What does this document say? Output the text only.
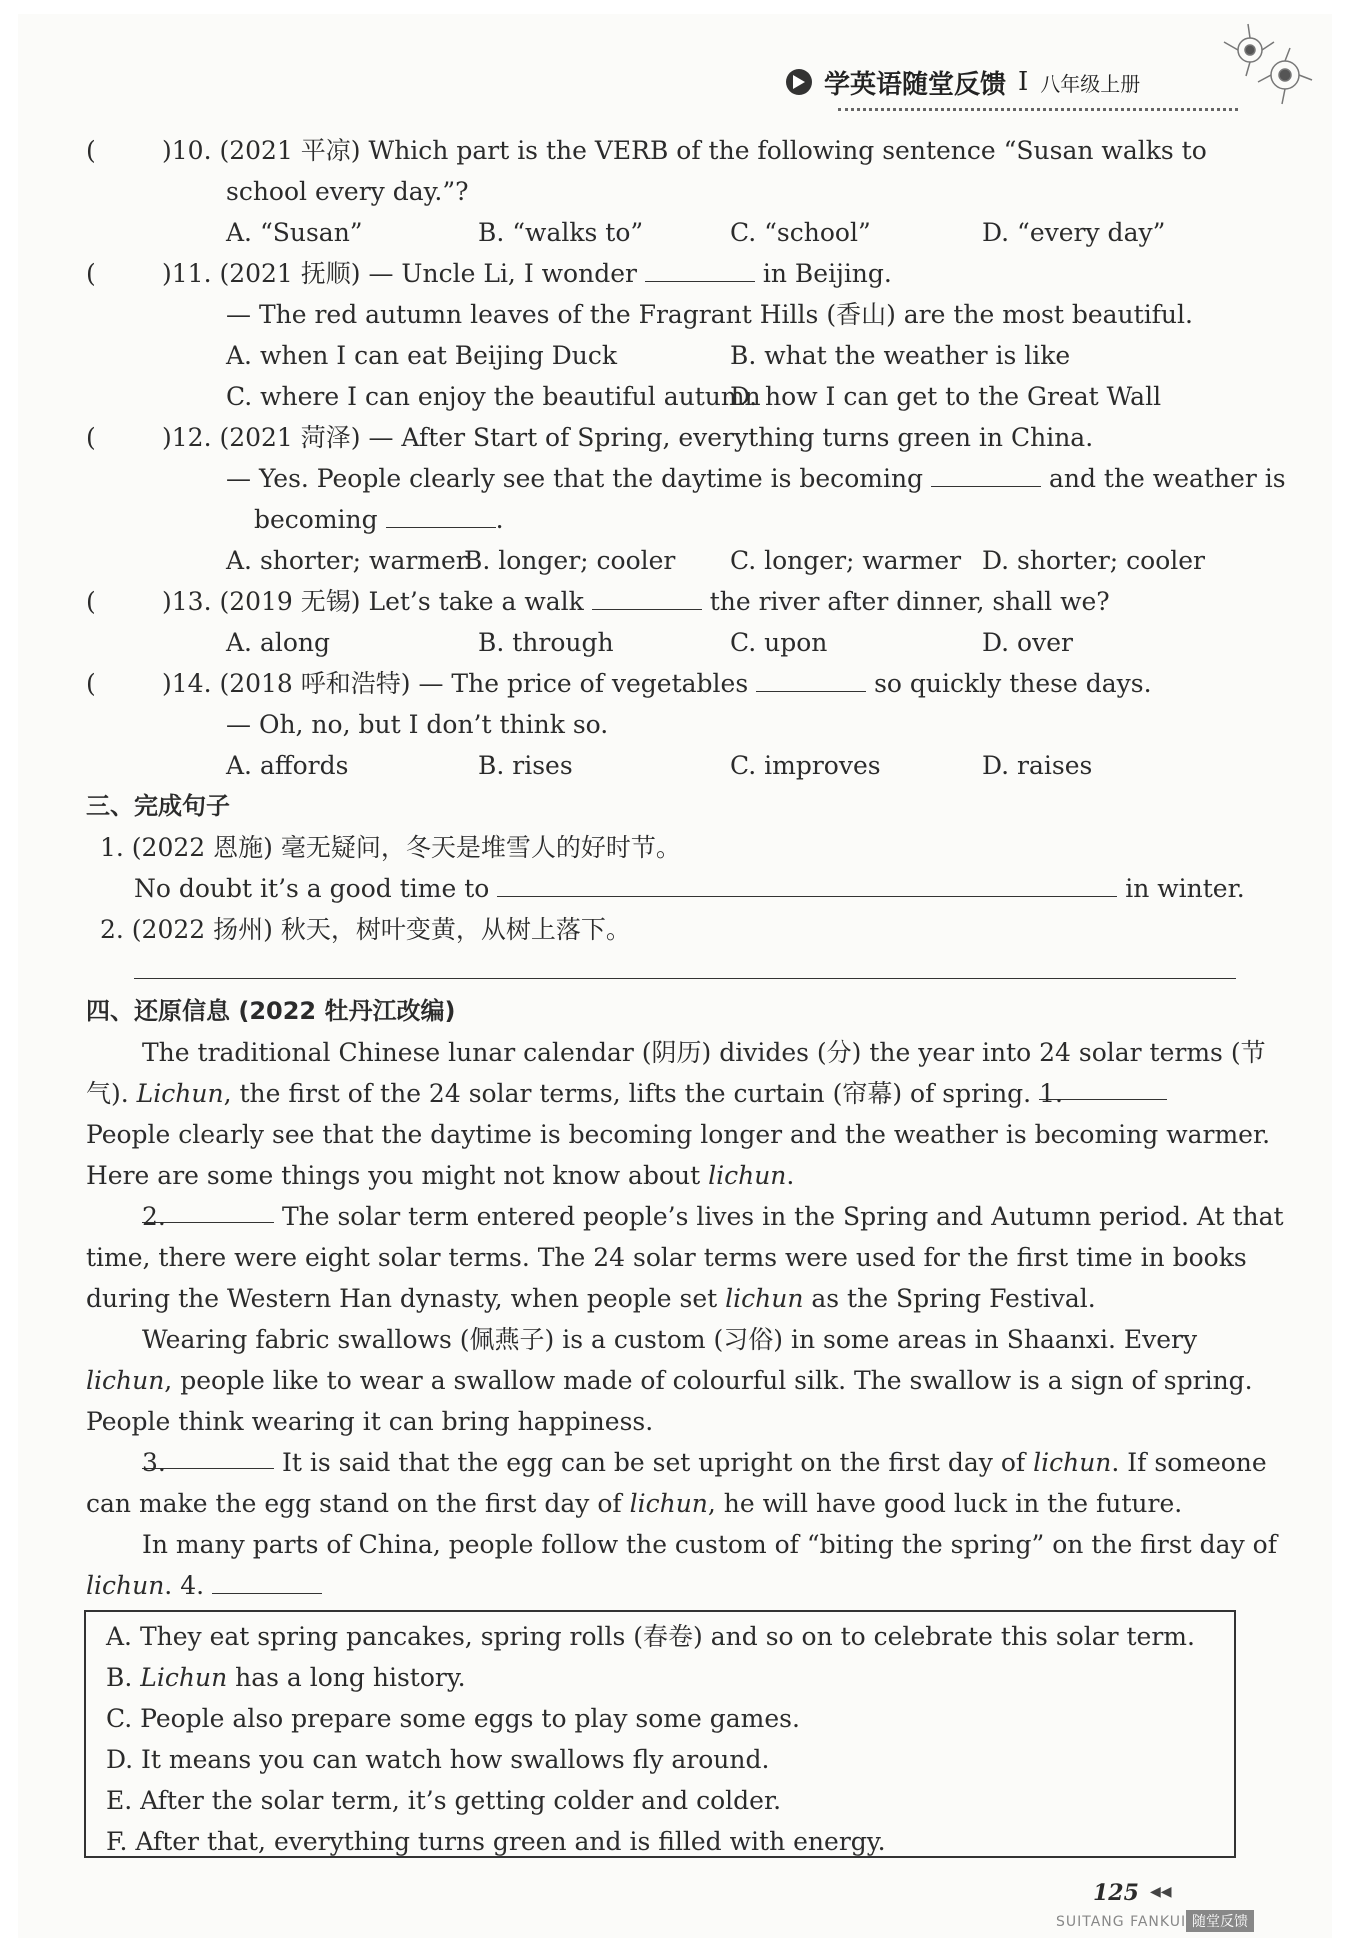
学英语随堂反馈 I 八年级上册
(	)10. (2021 平凉) Which part is the VERB of the following sentence “Susan walks to
school every day.”?
A. “Susan”	B. “walks to”	C. “school”	D. “every day”
(	)11. (2021 抚顺) — Uncle Li, I wonder	in Beijing.
— The red autumn leaves of the Fragrant Hills (香山) are the most beautiful.
A. when I can eat Beijing Duck	B. what the weather is like
C. where I can enjoy the beautiful autumn
D. how I can get to the Great Wall
(	)12. (2021 菏泽) — After Start of Spring, everything turns green in China.
— Yes. People clearly see that the daytime is becoming	and the weather is
becoming	.
A. shorter; warmer
B. longer; cooler C. longer; warmer D. shorter; cooler
(	)13. (2019 无锡) Let’s take a walk	the river after dinner, shall we?
A. along	B. through	C. upon	D. over
(	)14. (2018 呼和浩特) — The price of vegetables	so quickly these days.
— Oh, no, but I don’t think so.
A. affords	B. rises	C. improves	D. raises
三、完成句子
1. (2022 恩施) 毫无疑问，冬天是堆雪人的好时节。
No doubt it’s a good time to	in winter.
2. (2022 扬州) 秋天，树叶变黄，从树上落下。
四、还原信息 (2022 牡丹江改编)
The traditional Chinese lunar calendar (阴历) divides (分) the year into 24 solar terms (节
气). Lichun, the first of the 24 solar terms, lifts the curtain (帘幕) of spring. 1.
People clearly see that the daytime is becoming longer and the weather is becoming warmer.
Here are some things you might not know about lichun.
2.	The solar term entered people’s lives in the Spring and Autumn period. At that
time, there were eight solar terms. The 24 solar terms were used for the first time in books
during the Western Han dynasty, when people set lichun as the Spring Festival.
Wearing fabric swallows (佩燕子) is a custom (习俗) in some areas in Shaanxi. Every
lichun, people like to wear a swallow made of colourful silk. The swallow is a sign of spring.
People think wearing it can bring happiness.
3.	It is said that the egg can be set upright on the first day of lichun. If someone
can make the egg stand on the first day of lichun, he will have good luck in the future.
In many parts of China, people follow the custom of “biting the spring” on the first day of
lichun. 4.
A. They eat spring pancakes, spring rolls (春卷) and so on to celebrate this solar term.
B. Lichun has a long history.
C. People also prepare some eggs to play some games.
D. It means you can watch how swallows fly around.
E. After the solar term, it’s getting colder and colder.
F. After that, everything turns green and is filled with energy.
125 ◀◀
SUITANG FANKUI 随堂反馈
